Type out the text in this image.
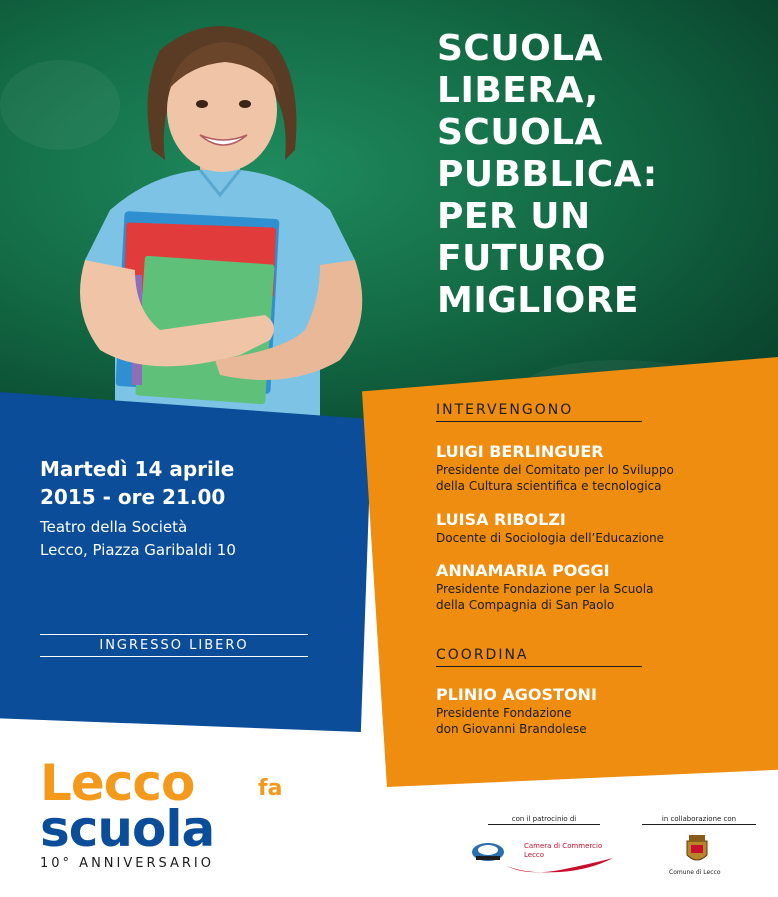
SCUOLA
LIBERA,
SCUOLA
PUBBLICA:
PER UN
FUTURO
MIGLIORE

Martedì 14 aprile
2015 - ore 21.00

Teatro della Società
Lecco, Piazza Garibaldi 10

INGRESSO LIBERO
INTERVENGONO
LUIGI BERLINGUER
Presidente del Comitato per lo Sviluppo
della Cultura scientifica e tecnologica
LUISA RIBOLZI
Docente di Sociologia dell’Educazione
ANNAMARIA POGGI
Presidente Fondazione per la Scuola
della Compagnia di San Paolo
COORDINA
PLINIO AGOSTONI
Presidente Fondazione
don Giovanni Brandolese
Lecco	fa
scuola
10° ANNIVERSARIO
con il patrocinio di	in collaborazione con
Camera di Commercio
Lecco
Comune di Lecco
